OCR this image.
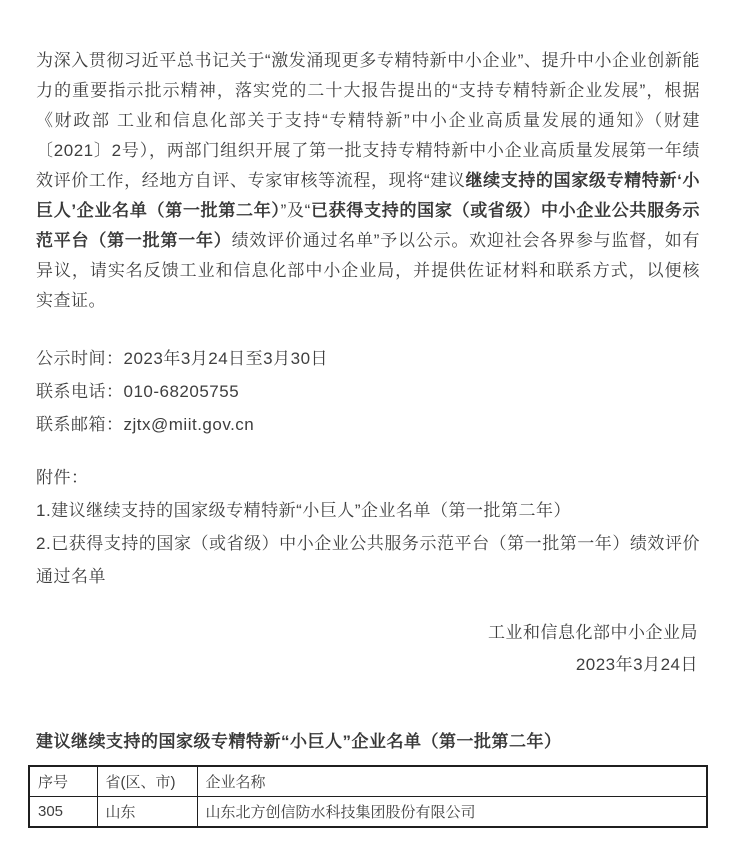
为深入贯彻习近平总书记关于“激发涌现更多专精特新中小企业”、提升中小企业创新能力的重要指示批示精神，落实党的二十大报告提出的“支持专精特新企业发展”，根据《财政部 工业和信息化部关于支持“专精特新”中小企业高质量发展的通知》（财建〔2021〕2号），两部门组织开展了第一批支持专精特新中小企业高质量发展第一年绩效评价工作，经地方自评、专家审核等流程，现将“建议继续支持的国家级专精特新‘小巨人’企业名单（第一批第二年）”及“已获得支持的国家（或省级）中小企业公共服务示范平台（第一批第一年）绩效评价通过名单”予以公示。欢迎社会各界参与监督，如有异议，请实名反馈工业和信息化部中小企业局，并提供佐证材料和联系方式，以便核实查证。

公示时间：2023年3月24日至3月30日
联系电话：010-68205755
联系邮箱：zjtx@miit.gov.cn
附件：
1.建议继续支持的国家级专精特新“小巨人”企业名单（第一批第二年）
2.已获得支持的国家（或省级）中小企业公共服务示范平台（第一批第一年）绩效评价通过名单
工业和信息化部中小企业局
2023年3月24日
建议继续支持的国家级专精特新“小巨人”企业名单（第一批第二年）
序号	省(区、市)	企业名称
305	山东	山东北方创信防水科技集团股份有限公司
